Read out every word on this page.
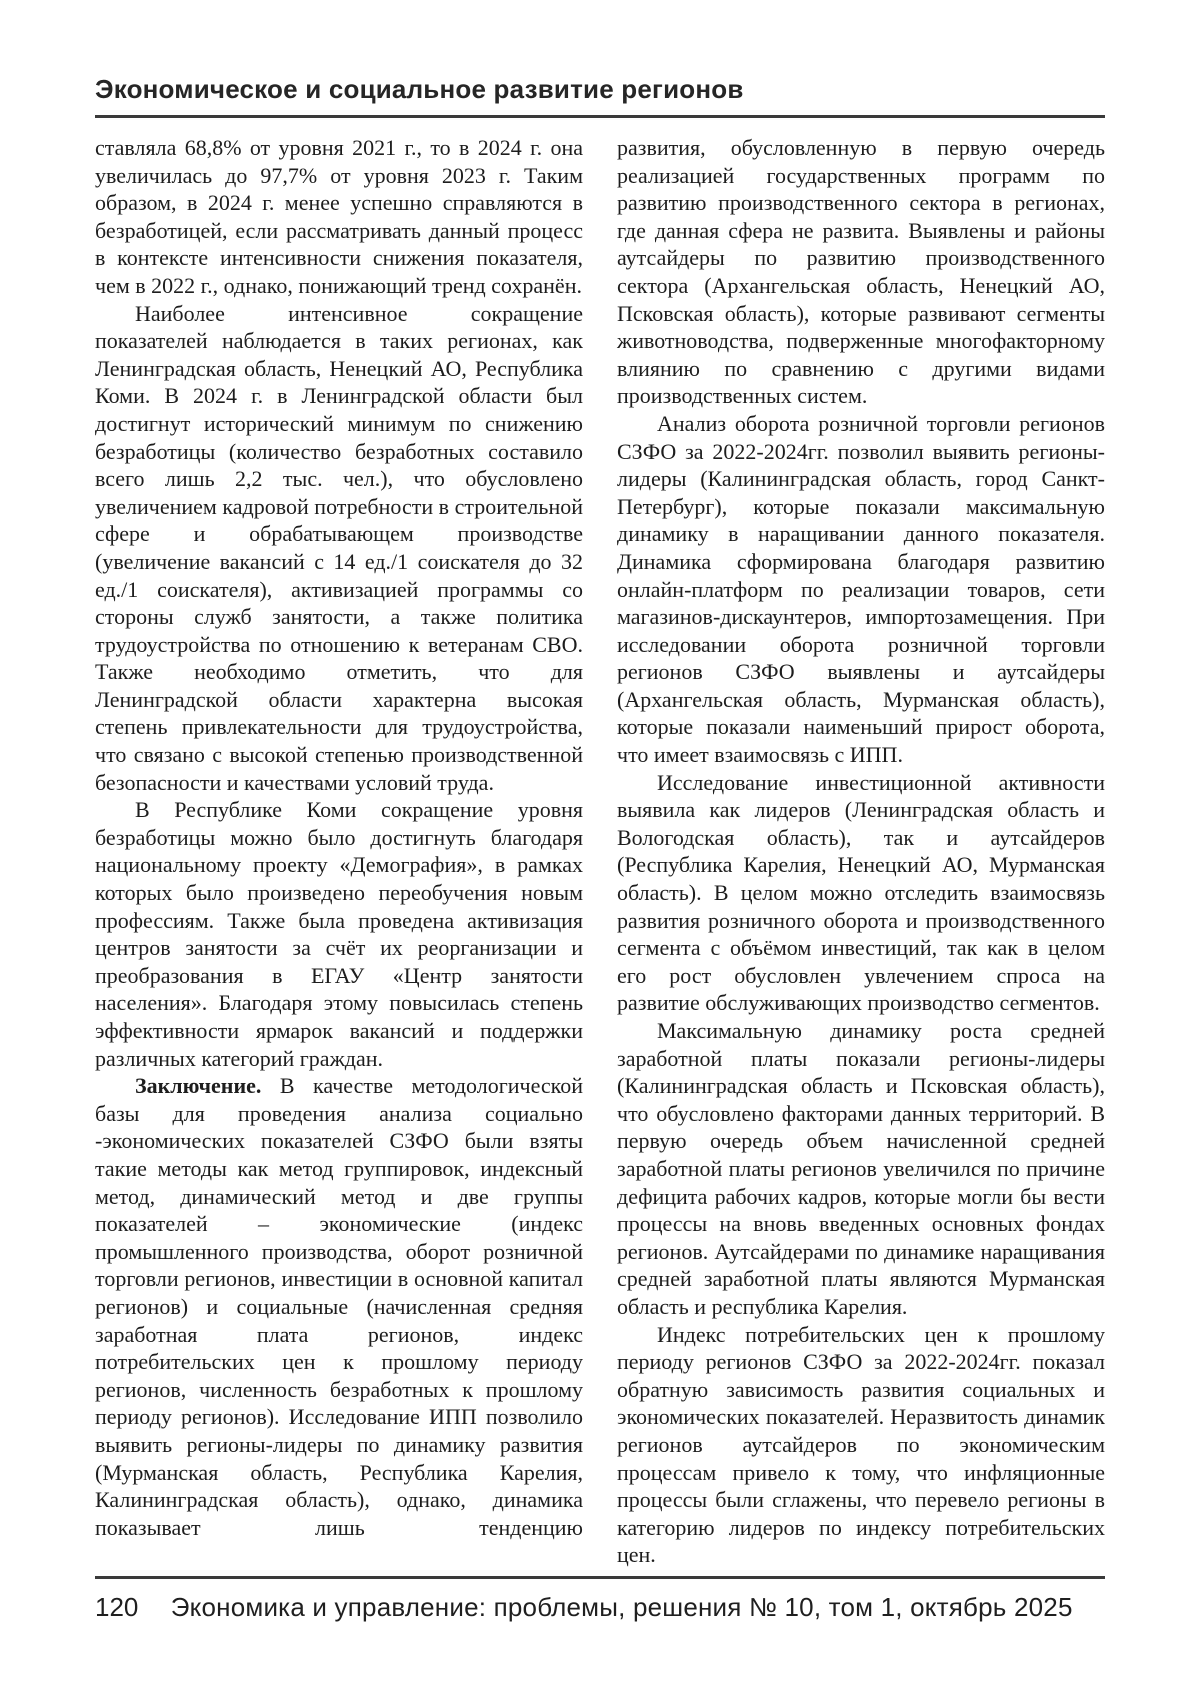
Экономическое и социальное развитие регионов

ставляла 68,8% от уровня 2021 г., то в 2024 г. она увеличилась до 97,7% от уровня 2023 г. Таким образом, в 2024 г. менее успешно справляются в безработицей, если рассматривать данный процесс в контексте интенсивности снижения показателя, чем в 2022 г., однако, понижающий тренд сохранён.

Наиболее интенсивное сокращение показателей наблюдается в таких регионах, как Ленинградская область, Ненецкий АО, Республика Коми. В 2024 г. в Ленинградской области был достигнут исторический минимум по снижению безработицы (количество безработных составило всего лишь 2,2 тыс. чел.), что обусловлено увеличением кадровой потребности в строительной сфере и обрабатывающем производстве (увеличение вакансий с 14 ед./1 соискателя до 32 ед./1 соискателя), активизацией программы со стороны служб занятости, а также политика трудоустройства по отношению к ветеранам СВО. Также необходимо отметить, что для Ленинградской области характерна высокая степень привлекательности для трудоустройства, что связано с высокой степенью производственной безопасности и качествами условий труда.

В Республике Коми сокращение уровня безработицы можно было достигнуть благодаря национальному проекту «Демография», в рамках которых было произведено переобучения новым профессиям. Также была проведена активизация центров занятости за счёт их реорганизации и преобразования в ЕГАУ «Центр занятости населения». Благодаря этому повысилась степень эффективности ярмарок вакансий и поддержки различных категорий граждан.

Заключение. В качестве методологической базы для проведения анализа социально -экономических показателей СЗФО были взяты такие методы как метод группировок, индексный метод, динамический метод и две группы показателей – экономические (индекс промышленного производства, оборот розничной торговли регионов, инвестиции в основной капитал регионов) и социальные (начисленная средняя заработная плата регионов, индекс потребительских цен к прошлому периоду регионов, численность безработных к прошлому периоду регионов). Исследование ИПП позволило выявить регионы-лидеры по динамику развития (Мурманская область, Республика Карелия, Калининградская область), однако, динамика показывает лишь тенденцию

развития, обусловленную в первую очередь реализацией государственных программ по развитию производственного сектора в регионах, где данная сфера не развита. Выявлены и районы аутсайдеры по развитию производственного сектора (Архангельская область, Ненецкий АО, Псковская область), которые развивают сегменты животноводства, подверженные многофакторному влиянию по сравнению с другими видами производственных систем.

Анализ оборота розничной торговли регионов СЗФО за 2022-2024гг. позволил выявить регионы-лидеры (Калининградская область, город Санкт-Петербург), которые показали максимальную динамику в наращивании данного показателя. Динамика сформирована благодаря развитию онлайн-платформ по реализации товаров, сети магазинов-дискаунтеров, импортозамещения. При исследовании оборота розничной торговли регионов СЗФО выявлены и аутсайдеры (Архангельская область, Мурманская область), которые показали наименьший прирост оборота, что имеет взаимосвязь с ИПП.

Исследование инвестиционной активности выявила как лидеров (Ленинградская область и Вологодская область), так и аутсайдеров (Республика Карелия, Ненецкий АО, Мурманская область). В целом можно отследить взаимосвязь развития розничного оборота и производственного сегмента с объёмом инвестиций, так как в целом его рост обусловлен увлечением спроса на развитие обслуживающих производство сегментов.

Максимальную динамику роста средней заработной платы показали регионы-лидеры (Калининградская область и Псковская область), что обусловлено факторами данных территорий. В первую очередь объем начисленной средней заработной платы регионов увеличился по причине дефицита рабочих кадров, которые могли бы вести процессы на вновь введенных основных фондах регионов. Аутсайдерами по динамике наращивания средней заработной платы являются Мурманская область и республика Карелия.

Индекс потребительских цен к прошлому периоду регионов СЗФО за 2022-2024гг. показал обратную зависимость развития социальных и экономических показателей. Неразвитость динамик регионов аутсайдеров по экономическим процессам привело к тому, что инфляционные процессы были сглажены, что перевело регионы в категорию лидеров по индексу потребительских цен.

120	Экономика и управление: проблемы, решения № 10, том 1, октябрь 2025
